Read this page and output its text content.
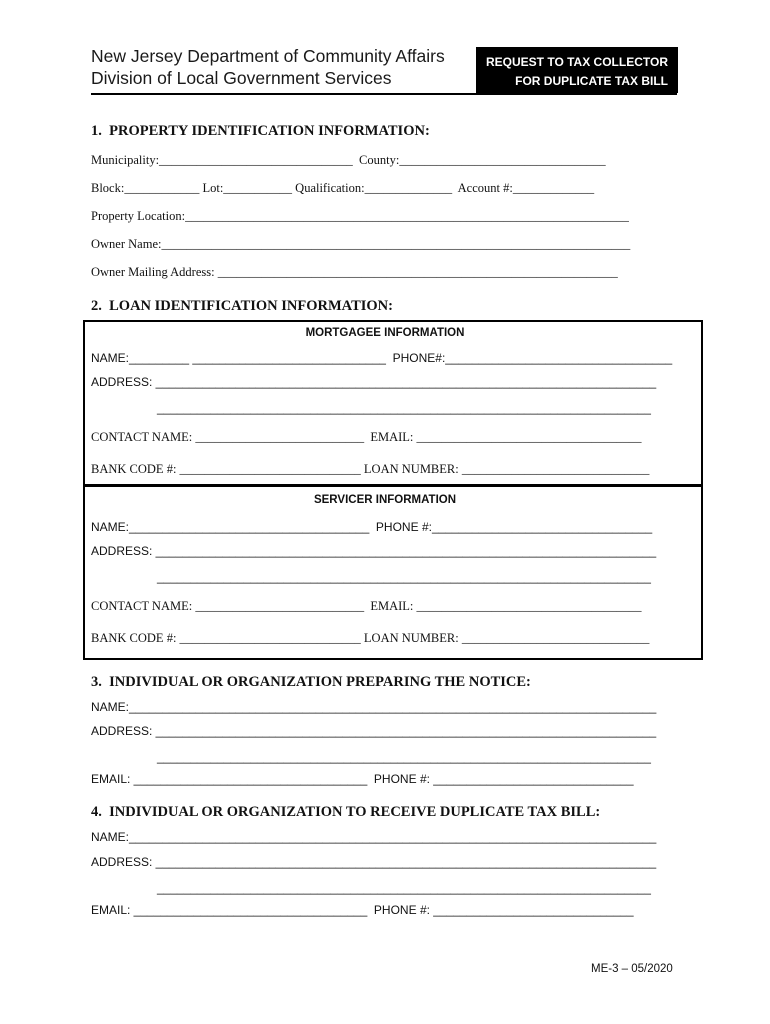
New Jersey Department of Community Affairs
Division of Local Government Services
REQUEST TO TAX COLLECTOR
FOR DUPLICATE TAX BILL
1.  PROPERTY IDENTIFICATION INFORMATION:
Municipality:_______________________________  County:_________________________________
Block:____________ Lot:___________ Qualification:______________  Account #:_____________
Property Location:_______________________________________________________________________
Owner Name:___________________________________________________________________________
Owner Mailing Address: ________________________________________________________________
2.  LOAN IDENTIFICATION INFORMATION:
MORTGAGEE INFORMATION
NAME:_________ _____________________________  PHONE#:__________________________________
ADDRESS: ___________________________________________________________________________
__________________________________________________________________________
CONTACT NAME: ___________________________  EMAIL: ____________________________________
BANK CODE #: _____________________________ LOAN NUMBER: ______________________________
SERVICER INFORMATION
NAME:____________________________________  PHONE #:_________________________________
ADDRESS: ___________________________________________________________________________
__________________________________________________________________________
CONTACT NAME: ___________________________  EMAIL: ____________________________________
BANK CODE #: _____________________________ LOAN NUMBER: ______________________________
3.  INDIVIDUAL OR ORGANIZATION PREPARING THE NOTICE:
NAME:_______________________________________________________________________________
ADDRESS: ___________________________________________________________________________
__________________________________________________________________________
EMAIL: ___________________________________  PHONE #: ______________________________
4.  INDIVIDUAL OR ORGANIZATION TO RECEIVE DUPLICATE TAX BILL:
NAME:_______________________________________________________________________________
ADDRESS: ___________________________________________________________________________
__________________________________________________________________________
EMAIL: ___________________________________  PHONE #: ______________________________
ME-3 – 05/2020
